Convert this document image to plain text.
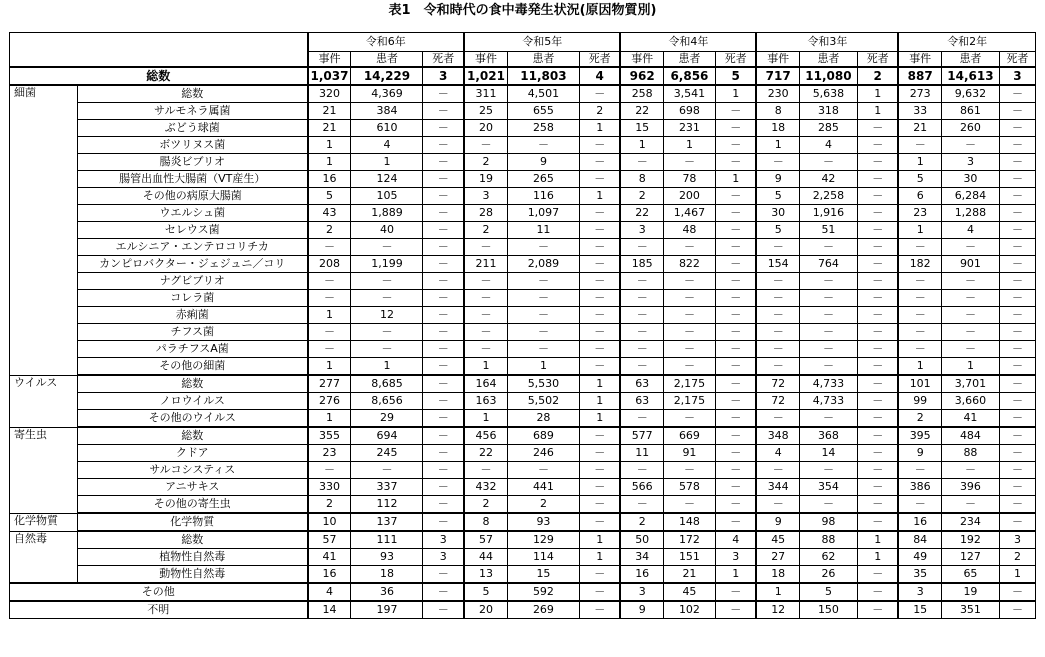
表1　令和時代の食中毒発生状況(原因物質別)
		令和6年			令和5年			令和4年			令和3年			令和2年		
		事件	患者	死者	事件	患者	死者	事件	患者	死者	事件	患者	死者	事件	患者	死者
総数		1,037	14,229	3	1,021	11,803	4	962	6,856	5	717	11,080	2	887	14,613	3
細菌	総数	320	4,369	－	311	4,501	－	258	3,541	1	230	5,638	1	273	9,632	－
	サルモネラ属菌	21	384	－	25	655	2	22	698	－	8	318	1	33	861	－
	ぶどう球菌	21	610	－	20	258	1	15	231	－	18	285	－	21	260	－
	ボツリヌス菌	1	4	－	－	－	－	1	1	－	1	4	－	－	－	－
	腸炎ビブリオ	1	1	－	2	9	－	－	－	－	－	－	－	1	3	－
	腸管出血性大腸菌（VT産生）	16	124	－	19	265	－	8	78	1	9	42	－	5	30	－
	その他の病原大腸菌	5	105	－	3	116	1	2	200	－	5	2,258	－	6	6,284	－
	ウエルシュ菌	43	1,889	－	28	1,097	－	22	1,467	－	30	1,916	－	23	1,288	－
	セレウス菌	2	40	－	2	11	－	3	48	－	5	51	－	1	4	－
	エルシニア・エンテロコリチカ	－	－	－	－	－	－	－	－	－	－	－	－	－	－	－
	カンピロバクター・ジェジュニ／コリ	208	1,199	－	211	2,089	－	185	822	－	154	764	－	182	901	－
	ナグビブリオ	－	－	－	－	－	－	－	－	－	－	－	－	－	－	－
	コレラ菌	－	－	－	－	－	－	－	－	－	－	－	－	－	－	－
	赤痢菌	1	12	－	－	－	－	－	－	－	－	－	－	－	－	－
	チフス菌	－	－	－	－	－	－	－	－	－	－	－	－	－	－	－
	パラチフスA菌	－	－	－	－	－	－	－	－	－	－	－	－	－	－	－
	その他の細菌	1	1	－	1	1	－	－	－	－	－	－	－	1	1	－
ウイルス	総数	277	8,685	－	164	5,530	1	63	2,175	－	72	4,733	－	101	3,701	－
	ノロウイルス	276	8,656	－	163	5,502	1	63	2,175	－	72	4,733	－	99	3,660	－
	その他のウイルス	1	29	－	1	28	1	－	－	－	－	－	－	2	41	－
寄生虫	総数	355	694	－	456	689	－	577	669	－	348	368	－	395	484	－
	クドア	23	245	－	22	246	－	11	91	－	4	14	－	9	88	－
	サルコシスティス	－	－	－	－	－	－	－	－	－	－	－	－	－	－	－
	アニサキス	330	337	－	432	441	－	566	578	－	344	354	－	386	396	－
	その他の寄生虫	2	112	－	2	2	－	－	－	－	－	－	－	－	－	－
化学物質	化学物質	10	137	－	8	93	－	2	148	－	9	98	－	16	234	－
自然毒	総数	57	111	3	57	129	1	50	172	4	45	88	1	84	192	3
	植物性自然毒	41	93	3	44	114	1	34	151	3	27	62	1	49	127	2
	動物性自然毒	16	18	－	13	15	－	16	21	1	18	26	－	35	65	1
その他		4	36	－	5	592	－	3	45	－	1	5	－	3	19	－
不明		14	197	－	20	269	－	9	102	－	12	150	－	15	351	－
